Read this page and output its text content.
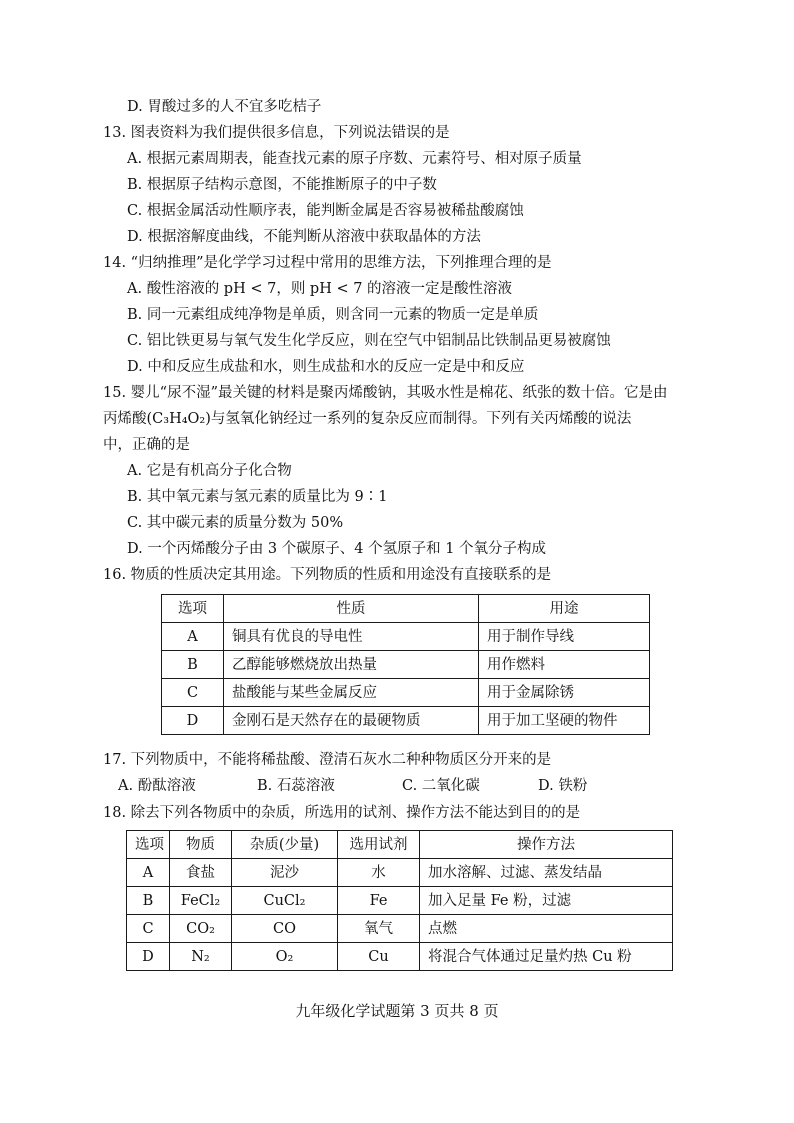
D. 胃酸过多的人不宜多吃桔子
13. 图表资料为我们提供很多信息，下列说法错误的是
A. 根据元素周期表，能查找元素的原子序数、元素符号、相对原子质量
B. 根据原子结构示意图，不能推断原子的中子数
C. 根据金属活动性顺序表，能判断金属是否容易被稀盐酸腐蚀
D. 根据溶解度曲线，不能判断从溶液中获取晶体的方法
14. “归纳推理”是化学学习过程中常用的思维方法，下列推理合理的是
A. 酸性溶液的 pH < 7，则 pH < 7 的溶液一定是酸性溶液
B. 同一元素组成纯净物是单质，则含同一元素的物质一定是单质
C. 铝比铁更易与氧气发生化学反应，则在空气中铝制品比铁制品更易被腐蚀
D. 中和反应生成盐和水，则生成盐和水的反应一定是中和反应
15. 婴儿“尿不湿”最关键的材料是聚丙烯酸钠，其吸水性是棉花、纸张的数十倍。它是由
丙烯酸(C₃H₄O₂)与氢氧化钠经过一系列的复杂反应而制得。下列有关丙烯酸的说法
中，正确的是
A. 它是有机高分子化合物
B. 其中氧元素与氢元素的质量比为 9∶1
C. 其中碳元素的质量分数为 50%
D. 一个丙烯酸分子由 3 个碳原子、4 个氢原子和 1 个氧分子构成
16. 物质的性质决定其用途。下列物质的性质和用途没有直接联系的是
选项	性质	用途
A	铜具有优良的导电性	用于制作导线
B	乙醇能够燃烧放出热量	用作燃料
C	盐酸能与某些金属反应	用于金属除锈
D	金刚石是天然存在的最硬物质	用于加工坚硬的物件
17. 下列物质中，不能将稀盐酸、澄清石灰水二种种物质区分开来的是
A. 酚酞溶液	B. 石蕊溶液	C. 二氧化碳	D. 铁粉
18. 除去下列各物质中的杂质，所选用的试剂、操作方法不能达到目的的是
选项	物质	杂质(少量)	选用试剂	操作方法
A	食盐	泥沙	水	加水溶解、过滤、蒸发结晶
B	FeCl₂	CuCl₂	Fe	加入足量 Fe 粉，过滤
C	CO₂	CO	氧气	点燃
D	N₂	O₂	Cu	将混合气体通过足量灼热 Cu 粉
九年级化学试题第 3 页共 8 页
